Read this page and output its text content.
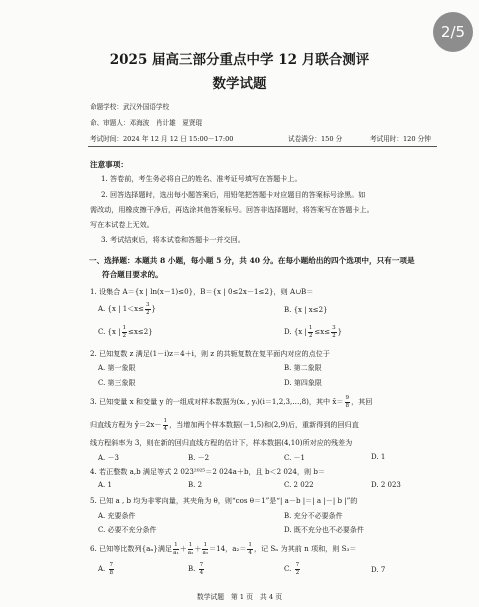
2/5
2025 届高三部分重点中学 12 月联合测评
数学试题
命题学校：武汉外国语学校
命、审题人：邓海波　肖计雄　夏贤琨
考试时间：2024 年 12 月 12 日 15:00－17:00	试卷满分：150 分	考试用时：120 分钟
注意事项：
1. 答卷前，考生务必将自己的姓名、准考证号填写在答题卡上。
2. 回答选择题时，选出每小题答案后，用铅笔把答题卡对应题目的答案标号涂黑。如
需改动，用橡皮擦干净后，再选涂其他答案标号。回答非选择题时，将答案写在答题卡上。
写在本试卷上无效。
3. 考试结束后，将本试卷和答题卡一并交回。
一、选择题：本题共 8 小题，每小题 5 分，共 40 分。在每小题给出的四个选项中，只有一项是
符合题目要求的。
1. 设集合 A＝{x | ln(x－1)≤0}，B＝{x | 0≤2x－1≤2}，则 A∪B＝
A. {x | $1<x\le \frac{3}{2}$ }	B. {x | x≤2}
C. {x | $\frac{1}{2} \le x\le 2$}	D. {x | $\frac{1}{2} \le x\le \frac{3}{2}$ }
2. 已知复数 z 满足(1－i)z＝4＋i，则 z 的共轭复数在复平面内对应的点位于
A. 第一象限	B. 第二象限
C. 第三象限	D. 第四象限
3. 已知变量 x 和变量 y 的一组成对样本数据为(xᵢ , yᵢ)(i＝1,2,3,…,8)，其中 x̄＝ $\frac{9}{8}$ ，其回
归直线方程为 ŷ＝2x－ $\frac{1}{4}$ ，当增加两个样本数据(－1,5)和(2,9)后，重新得到的回归直
线方程斜率为 3，则在新的回归直线方程的估计下，样本数据(4,10)所对应的残差为
A. －3	B. －2	C. －1	D. 1
4. 若正整数 a,b 满足等式 2 023²⁰²⁵＝2 024a＋b，且 b＜2 024，则 b＝
A. 1	B. 2	C. 2 022	D. 2 023
5. 已知 a , b 均为非零向量，其夹角为 θ，则“cos θ＝1”是“| a－b |＝| a |－| b |”的
A. 充要条件	B. 充分不必要条件
C. 必要不充分条件	D. 既不充分也不必要条件
6. 已知等比数列{aₙ}满足 $\frac{1}{\text{a₁}} + \frac{1}{\text{a₂}} + \frac{1}{\text{a₃}} =14$，$a_2= \frac{1}{4}$ ，记 Sₙ 为其前 n 项和，则 S₃＝
A. $\frac{7}{8}$	B. $\frac{7}{4}$	C. $\frac{7}{2}$	D. 7
数学试题　第 1 页　共 4 页
